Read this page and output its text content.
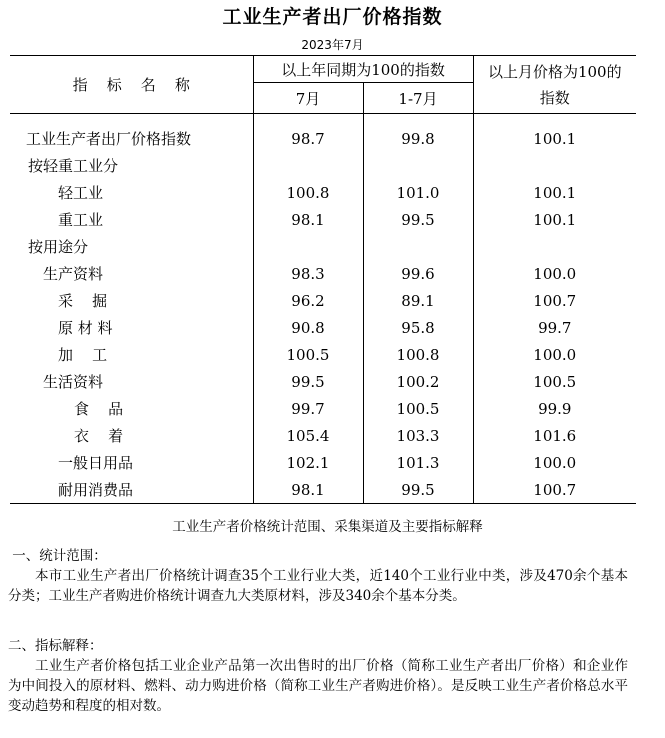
工业生产者出厂价格指数
2023年7月
指    标    名    称	以上年同期为100的指数		以上月价格为100的指数
	7月	1-7月	

工业生产者出厂价格指数	98.7	99.8	100.1
按轻重工业分			
轻工业	100.8	101.0	100.1
重工业	98.1	99.5	100.1
按用途分			
生产资料	98.3	99.6	100.0
采    掘	96.2	89.1	100.7
原 材 料	90.8	95.8	99.7
加    工	100.5	100.8	100.0
生活资料	99.5	100.2	100.5
食    品	99.7	100.5	99.9
衣    着	105.4	103.3	101.6
一般日用品	102.1	101.3	100.0
耐用消费品	98.1	99.5	100.7
工业生产者价格统计范围、采集渠道及主要指标解释
一、统计范围：
本市工业生产者出厂价格统计调查35个工业行业大类，近140个工业行业中类，涉及470余个基本分类；工业生产者购进价格统计调查九大类原材料，涉及340余个基本分类。
二、指标解释：
工业生产者价格包括工业企业产品第一次出售时的出厂价格（简称工业生产者出厂价格）和企业作为中间投入的原材料、燃料、动力购进价格（简称工业生产者购进价格）。是反映工业生产者价格总水平变动趋势和程度的相对数。
